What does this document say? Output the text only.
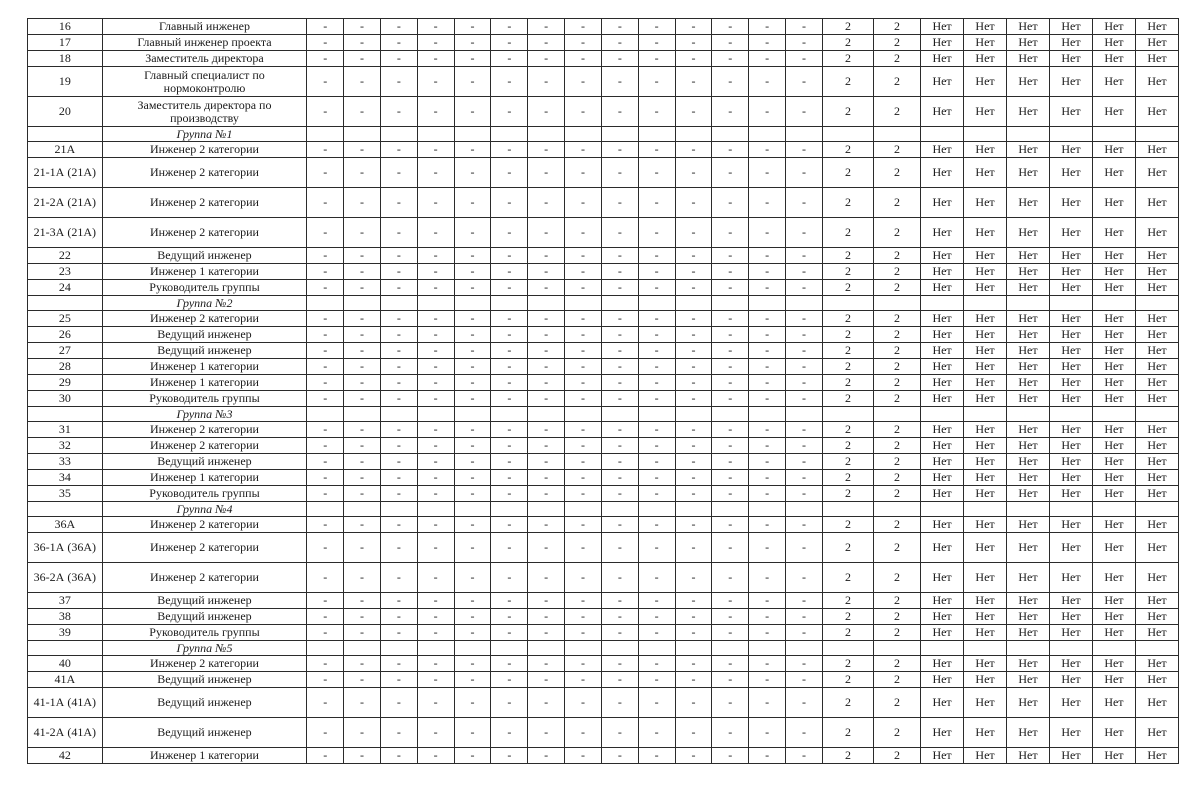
16	Главный инженер	-	-	-	-	-	-	-	-	-	-	-	-	-	-	2	2	Нет	Нет	Нет	Нет	Нет	Нет
17	Главный инженер проекта	-	-	-	-	-	-	-	-	-	-	-	-	-	-	2	2	Нет	Нет	Нет	Нет	Нет	Нет
18	Заместитель директора	-	-	-	-	-	-	-	-	-	-	-	-	-	-	2	2	Нет	Нет	Нет	Нет	Нет	Нет
19	Главный специалист по нормоконтролю	-	-	-	-	-	-	-	-	-	-	-	-	-	-	2	2	Нет	Нет	Нет	Нет	Нет	Нет
20	Заместитель директора по производству	-	-	-	-	-	-	-	-	-	-	-	-	-	-	2	2	Нет	Нет	Нет	Нет	Нет	Нет
	Группа №1																						
21А	Инженер 2 категории	-	-	-	-	-	-	-	-	-	-	-	-	-	-	2	2	Нет	Нет	Нет	Нет	Нет	Нет
21-1А (21А)	Инженер 2 категории	-	-	-	-	-	-	-	-	-	-	-	-	-	-	2	2	Нет	Нет	Нет	Нет	Нет	Нет
21-2А (21А)	Инженер 2 категории	-	-	-	-	-	-	-	-	-	-	-	-	-	-	2	2	Нет	Нет	Нет	Нет	Нет	Нет
21-3А (21А)	Инженер 2 категории	-	-	-	-	-	-	-	-	-	-	-	-	-	-	2	2	Нет	Нет	Нет	Нет	Нет	Нет
22	Ведущий инженер	-	-	-	-	-	-	-	-	-	-	-	-	-	-	2	2	Нет	Нет	Нет	Нет	Нет	Нет
23	Инженер 1 категории	-	-	-	-	-	-	-	-	-	-	-	-	-	-	2	2	Нет	Нет	Нет	Нет	Нет	Нет
24	Руководитель группы	-	-	-	-	-	-	-	-	-	-	-	-	-	-	2	2	Нет	Нет	Нет	Нет	Нет	Нет
	Группа №2																						
25	Инженер 2 категории	-	-	-	-	-	-	-	-	-	-	-	-	-	-	2	2	Нет	Нет	Нет	Нет	Нет	Нет
26	Ведущий инженер	-	-	-	-	-	-	-	-	-	-	-	-	-	-	2	2	Нет	Нет	Нет	Нет	Нет	Нет
27	Ведущий инженер	-	-	-	-	-	-	-	-	-	-	-	-	-	-	2	2	Нет	Нет	Нет	Нет	Нет	Нет
28	Инженер 1 категории	-	-	-	-	-	-	-	-	-	-	-	-	-	-	2	2	Нет	Нет	Нет	Нет	Нет	Нет
29	Инженер 1 категории	-	-	-	-	-	-	-	-	-	-	-	-	-	-	2	2	Нет	Нет	Нет	Нет	Нет	Нет
30	Руководитель группы	-	-	-	-	-	-	-	-	-	-	-	-	-	-	2	2	Нет	Нет	Нет	Нет	Нет	Нет
	Группа №3																						
31	Инженер 2 категории	-	-	-	-	-	-	-	-	-	-	-	-	-	-	2	2	Нет	Нет	Нет	Нет	Нет	Нет
32	Инженер 2 категории	-	-	-	-	-	-	-	-	-	-	-	-	-	-	2	2	Нет	Нет	Нет	Нет	Нет	Нет
33	Ведущий инженер	-	-	-	-	-	-	-	-	-	-	-	-	-	-	2	2	Нет	Нет	Нет	Нет	Нет	Нет
34	Инженер 1 категории	-	-	-	-	-	-	-	-	-	-	-	-	-	-	2	2	Нет	Нет	Нет	Нет	Нет	Нет
35	Руководитель группы	-	-	-	-	-	-	-	-	-	-	-	-	-	-	2	2	Нет	Нет	Нет	Нет	Нет	Нет
	Группа №4																						
36А	Инженер 2 категории	-	-	-	-	-	-	-	-	-	-	-	-	-	-	2	2	Нет	Нет	Нет	Нет	Нет	Нет
36-1А (36А)	Инженер 2 категории	-	-	-	-	-	-	-	-	-	-	-	-	-	-	2	2	Нет	Нет	Нет	Нет	Нет	Нет
36-2А (36А)	Инженер 2 категории	-	-	-	-	-	-	-	-	-	-	-	-	-	-	2	2	Нет	Нет	Нет	Нет	Нет	Нет
37	Ведущий инженер	-	-	-	-	-	-	-	-	-	-	-	-	-	-	2	2	Нет	Нет	Нет	Нет	Нет	Нет
38	Ведущий инженер	-	-	-	-	-	-	-	-	-	-	-	-	-	-	2	2	Нет	Нет	Нет	Нет	Нет	Нет
39	Руководитель группы	-	-	-	-	-	-	-	-	-	-	-	-	-	-	2	2	Нет	Нет	Нет	Нет	Нет	Нет
	Группа №5																						
40	Инженер 2 категории	-	-	-	-	-	-	-	-	-	-	-	-	-	-	2	2	Нет	Нет	Нет	Нет	Нет	Нет
41А	Ведущий инженер	-	-	-	-	-	-	-	-	-	-	-	-	-	-	2	2	Нет	Нет	Нет	Нет	Нет	Нет
41-1А (41А)	Ведущий инженер	-	-	-	-	-	-	-	-	-	-	-	-	-	-	2	2	Нет	Нет	Нет	Нет	Нет	Нет
41-2А (41А)	Ведущий инженер	-	-	-	-	-	-	-	-	-	-	-	-	-	-	2	2	Нет	Нет	Нет	Нет	Нет	Нет
42	Инженер 1 категории	-	-	-	-	-	-	-	-	-	-	-	-	-	-	2	2	Нет	Нет	Нет	Нет	Нет	Нет
